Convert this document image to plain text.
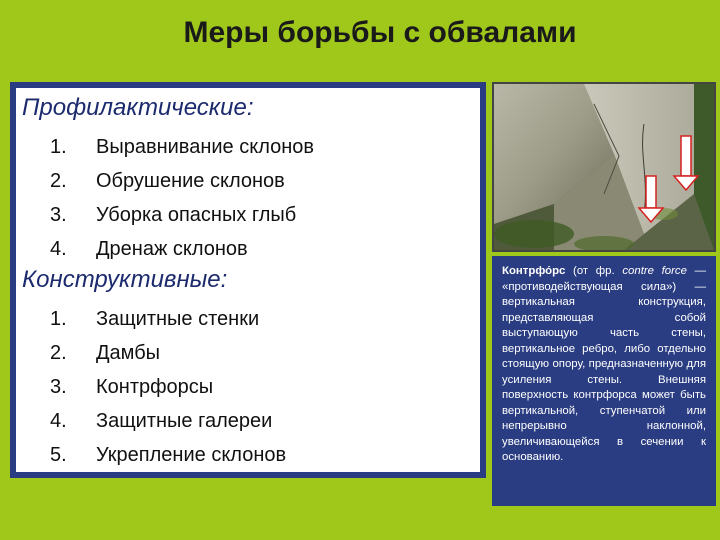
Меры борьбы с обвалами
Профилактические:
1. Выравнивание склонов
2. Обрушение склонов
3. Уборка опасных глыб
4. Дренаж склонов
Конструктивные:
1. Защитные стенки
2. Дамбы
3. Контрфорсы
4. Защитные галереи
5. Укрепление склонов
Контрфо́рс (от фр. contre force — «противодействующая сила») — вертикальная конструкция, представляющая собой выступающую часть стены, вертикальное ребро, либо отдельно стоящую опору, предназначенную для усиления стены. Внешняя поверхность контрфорса может быть вертикальной, ступенчатой или непрерывно наклонной, увеличивающейся в сечении к основанию.
